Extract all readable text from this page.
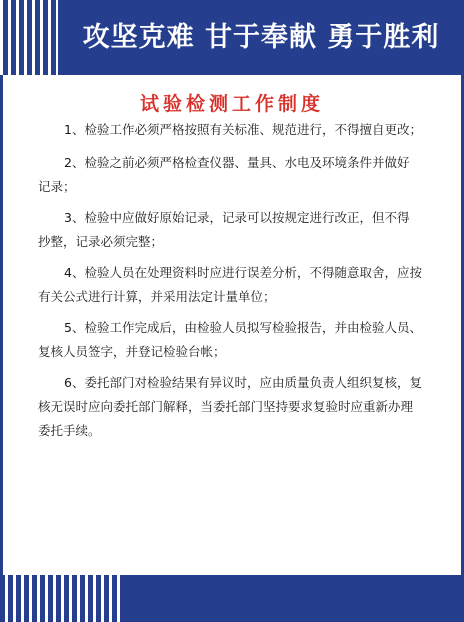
攻坚克难 甘于奉献 勇于胜利
试验检测工作制度
1、检验工作必须严格按照有关标准、规范进行，不得擅自更改；
2、检验之前必须严格检查仪器、量具、水电及环境条件并做好
记录；
3、检验中应做好原始记录，记录可以按规定进行改正，但不得
抄整，记录必须完整；
4、检验人员在处理资料时应进行误差分析，不得随意取舍，应按
有关公式进行计算，并采用法定计量单位；
5、检验工作完成后，由检验人员拟写检验报告，并由检验人员、
复核人员签字，并登记检验台帐；
6、委托部门对检验结果有异议时，应由质量负责人组织复核，复
核无误时应向委托部门解释，当委托部门坚持要求复验时应重新办理
委托手续。
